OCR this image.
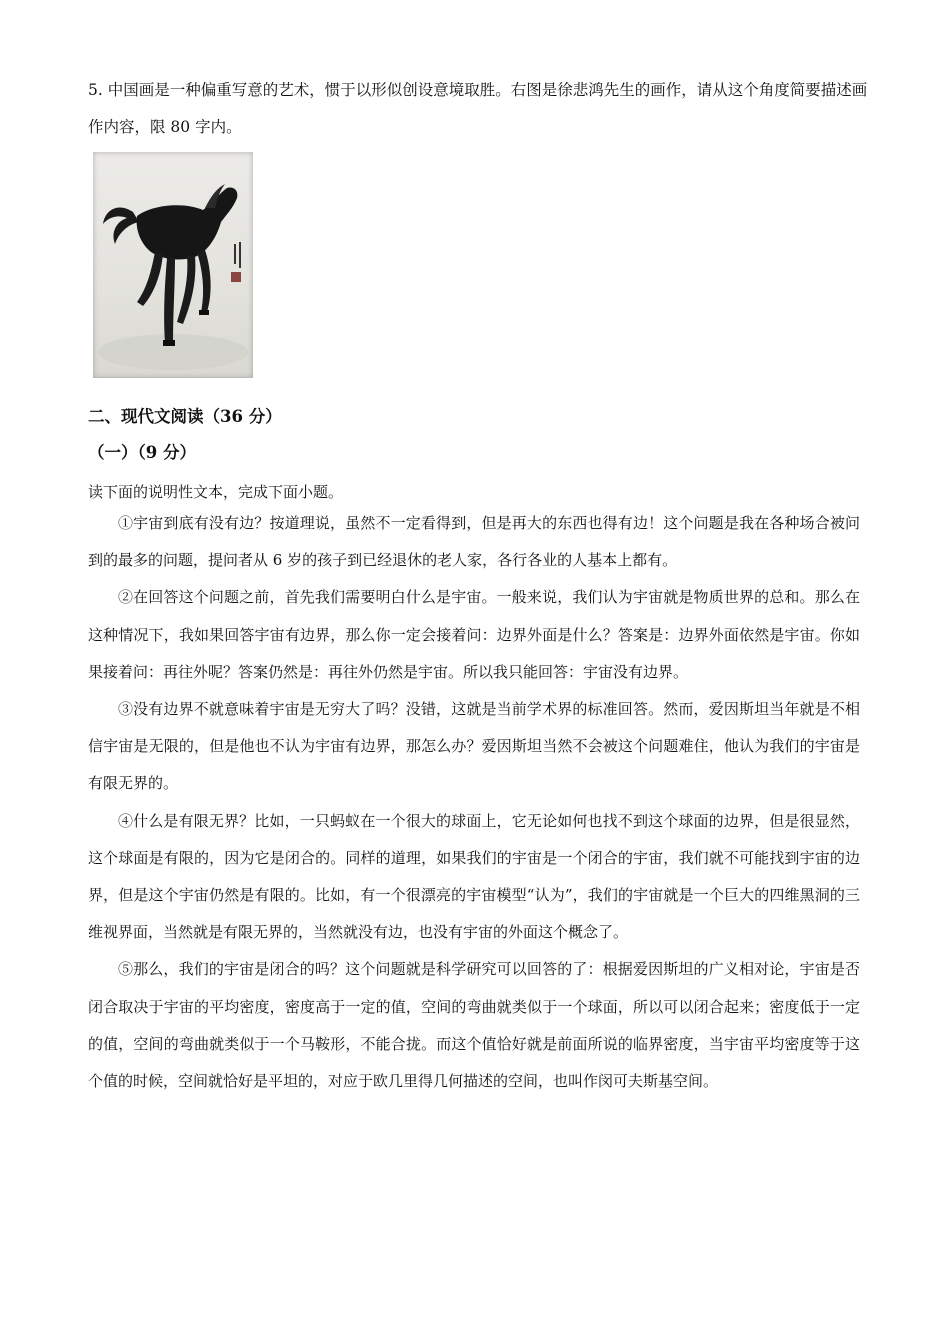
5. 中国画是一种偏重写意的艺术，惯于以形似创设意境取胜。右图是徐悲鸿先生的画作，请从这个角度简要描述画作内容，限 80 字内。
二、现代文阅读（36 分）
（一）（9 分）
读下面的说明性文本，完成下面小题。

①宇宙到底有没有边？按道理说，虽然不一定看得到，但是再大的东西也得有边！这个问题是我在各种场合被问到的最多的问题，提问者从 6 岁的孩子到已经退休的老人家，各行各业的人基本上都有。

②在回答这个问题之前，首先我们需要明白什么是宇宙。一般来说，我们认为宇宙就是物质世界的总和。那么在这种情况下，我如果回答宇宙有边界，那么你一定会接着问：边界外面是什么？答案是：边界外面依然是宇宙。你如果接着问：再往外呢？答案仍然是：再往外仍然是宇宙。所以我只能回答：宇宙没有边界。

③没有边界不就意味着宇宙是无穷大了吗？没错，这就是当前学术界的标准回答。然而，爱因斯坦当年就是不相信宇宙是无限的，但是他也不认为宇宙有边界，那怎么办？爱因斯坦当然不会被这个问题难住，他认为我们的宇宙是有限无界的。

④什么是有限无界？比如，一只蚂蚁在一个很大的球面上，它无论如何也找不到这个球面的边界，但是很显然，这个球面是有限的，因为它是闭合的。同样的道理，如果我们的宇宙是一个闭合的宇宙，我们就不可能找到宇宙的边界，但是这个宇宙仍然是有限的。比如，有一个很漂亮的宇宙模型“认为”，我们的宇宙就是一个巨大的四维黑洞的三维视界面，当然就是有限无界的，当然就没有边，也没有宇宙的外面这个概念了。

⑤那么，我们的宇宙是闭合的吗？这个问题就是科学研究可以回答的了：根据爱因斯坦的广义相对论，宇宙是否闭合取决于宇宙的平均密度，密度高于一定的值，空间的弯曲就类似于一个球面，所以可以闭合起来；密度低于一定的值，空间的弯曲就类似于一个马鞍形，不能合拢。而这个值恰好就是前面所说的临界密度，当宇宙平均密度等于这个值的时候，空间就恰好是平坦的，对应于欧几里得几何描述的空间，也叫作闵可夫斯基空间。
